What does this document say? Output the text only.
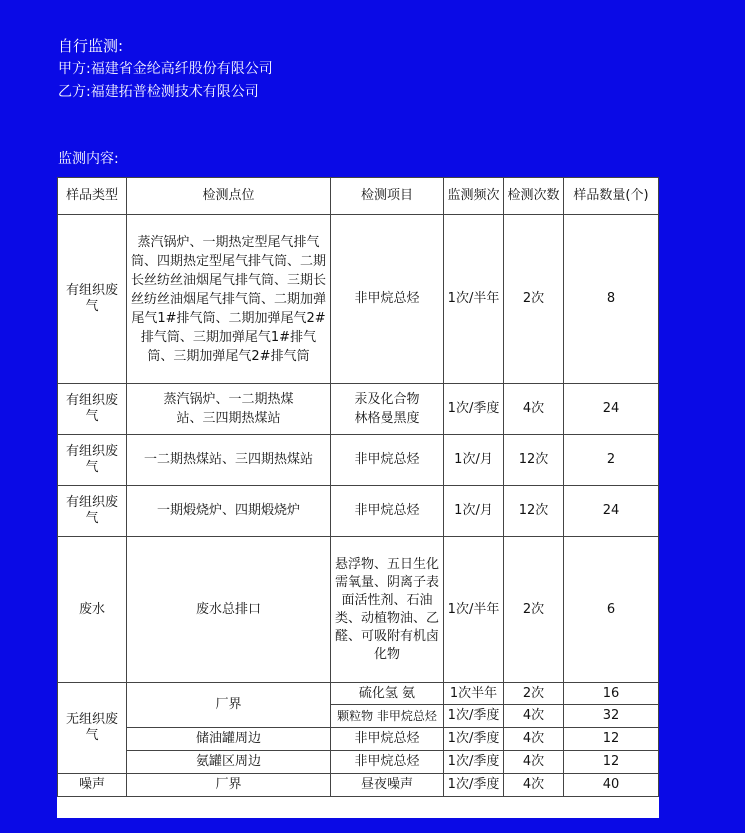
自行监测:
甲方:福建省金纶高纤股份有限公司
乙方:福建拓普检测技术有限公司
监测内容:
样品类型	检测点位	检测项目	监测频次	检测次数	样品数量(个)
有组织废气	蒸汽锅炉、一期热定型尾气排气筒、四期热定型尾气排气筒、二期长丝纺丝油烟尾气排气筒、三期长丝纺丝油烟尾气排气筒、二期加弹尾气1#排气筒、二期加弹尾气2#排气筒、三期加弹尾气1#排气筒、三期加弹尾气2#排气筒	非甲烷总烃	1次/半年	2次	8
有组织废气	蒸汽锅炉、一二期热煤站、三四期热煤站	汞及化合物 林格曼黑度	1次/季度	4次	24
有组织废气	一二期热煤站、三四期热煤站	非甲烷总烃	1次/月	12次	2
有组织废气	一期煅烧炉、四期煅烧炉	非甲烷总烃	1次/月	12次	24
废水	废水总排口	悬浮物、五日生化需氧量、阴离子表面活性剂、石油类、动植物油、乙醛、可吸附有机卤化物	1次/半年	2次	6
无组织废气	厂界	硫化氢 氨	1次半年	2次	16
		颗粒物 非甲烷总烃	1次/季度	4次	32
	储油罐周边	非甲烷总烃	1次/季度	4次	12
	氨罐区周边	非甲烷总烃	1次/季度	4次	12
噪声	厂界	昼夜噪声	1次/季度	4次	40
